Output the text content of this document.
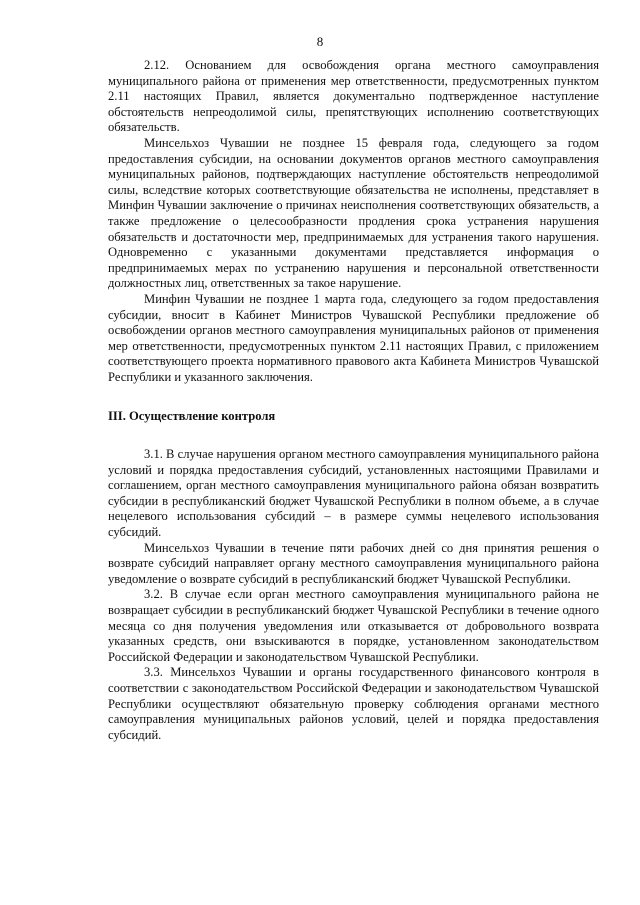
8

2.12. Основанием для освобождения органа местного самоуправления муниципального района от применения мер ответственности, предусмотренных пунктом 2.11 настоящих Правил, является документально подтвержденное наступление обстоятельств непреодолимой силы, препятствующих исполнению соответствующих обязательств.

Минсельхоз Чувашии не позднее 15 февраля года, следующего за годом предоставления субсидии, на основании документов органов местного самоуправления муниципальных районов, подтверждающих наступление обстоятельств непреодолимой силы, вследствие которых соответствующие обязательства не исполнены, представляет в Минфин Чувашии заключение о причинах неисполнения соответствующих обязательств, а также предложение о целесообразности продления срока устранения нарушения обязательств и достаточности мер, предпринимаемых для устранения такого нарушения. Одновременно с указанными документами представляется информация о предпринимаемых мерах по устранению нарушения и персональной ответственности должностных лиц, ответственных за такое нарушение.

Минфин Чувашии не позднее 1 марта года, следующего за годом предоставления субсидии, вносит в Кабинет Министров Чувашской Республики предложение об освобождении органов местного самоуправления муниципальных районов от применения мер ответственности, предусмотренных пунктом 2.11 настоящих Правил, с приложением соответствующего проекта нормативного правового акта Кабинета Министров Чувашской Республики и указанного заключения.

III. Осуществление контроля

3.1. В случае нарушения органом местного самоуправления муниципального района условий и порядка предоставления субсидий, установленных настоящими Правилами и соглашением, орган местного самоуправления муниципального района обязан возвратить субсидии в республиканский бюджет Чувашской Республики в полном объеме, а в случае нецелевого использования субсидий – в размере суммы нецелевого использования субсидий.

Минсельхоз Чувашии в течение пяти рабочих дней со дня принятия решения о возврате субсидий направляет органу местного самоуправления муниципального района уведомление о возврате субсидий в республиканский бюджет Чувашской Республики.

3.2. В случае если орган местного самоуправления муниципального района не возвращает субсидии в республиканский бюджет Чувашской Республики в течение одного месяца со дня получения уведомления или отказывается от добровольного возврата указанных средств, они взыскиваются в порядке, установленном законодательством Российской Федерации и законодательством Чувашской Республики.

3.3. Минсельхоз Чувашии и органы государственного финансового контроля в соответствии с законодательством Российской Федерации и законодательством Чувашской Республики осуществляют обязательную проверку соблюдения органами местного самоуправления муниципальных районов условий, целей и порядка предоставления субсидий.
